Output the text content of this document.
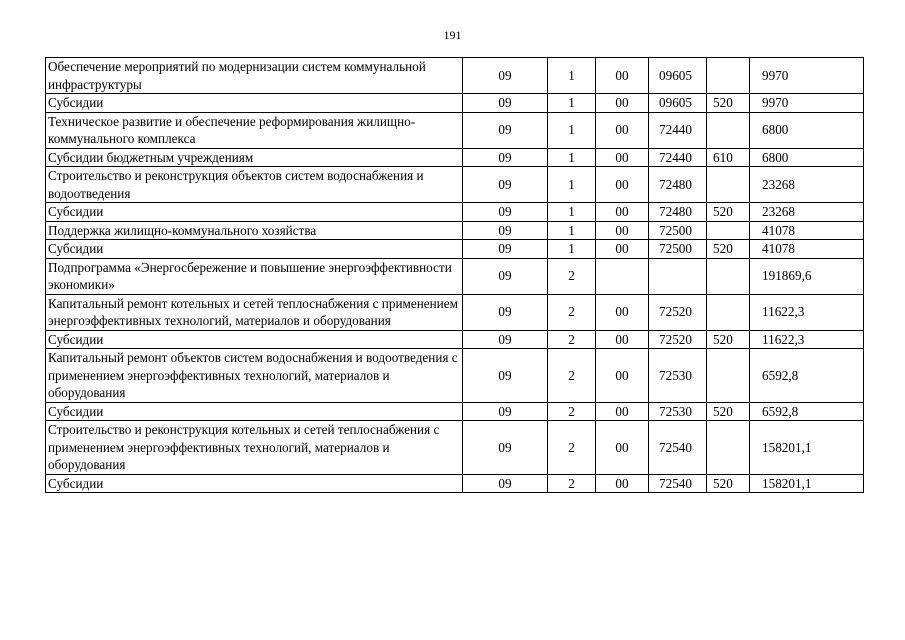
191
Обеспечение мероприятий по модернизации систем коммунальной инфраструктуры	09	1	00	09605		9970
Субсидии	09	1	00	09605	520	9970
Техническое развитие и обеспечение реформирования жилищно-коммунального комплекса	09	1	00	72440		6800
Субсидии бюджетным учреждениям	09	1	00	72440	610	6800
Строительство и реконструкция объектов систем водоснабжения и водоотведения	09	1	00	72480		23268
Субсидии	09	1	00	72480	520	23268
Поддержка жилищно-коммунального хозяйства	09	1	00	72500		41078
Субсидии	09	1	00	72500	520	41078
Подпрограмма «Энергосбережение и повышение энергоэффективности экономики»	09	2				191869,6
Капитальный ремонт котельных и сетей теплоснабжения с применением энергоэффективных технологий, материалов и оборудования	09	2	00	72520		11622,3
Субсидии	09	2	00	72520	520	11622,3
Капитальный ремонт объектов систем водоснабжения и водоотведения с применением энергоэффективных технологий, материалов и оборудования	09	2	00	72530		6592,8
Субсидии	09	2	00	72530	520	6592,8
Строительство и реконструкция котельных и сетей теплоснабжения с применением энергоэффективных технологий, материалов и оборудования	09	2	00	72540		158201,1
Субсидии	09	2	00	72540	520	158201,1
